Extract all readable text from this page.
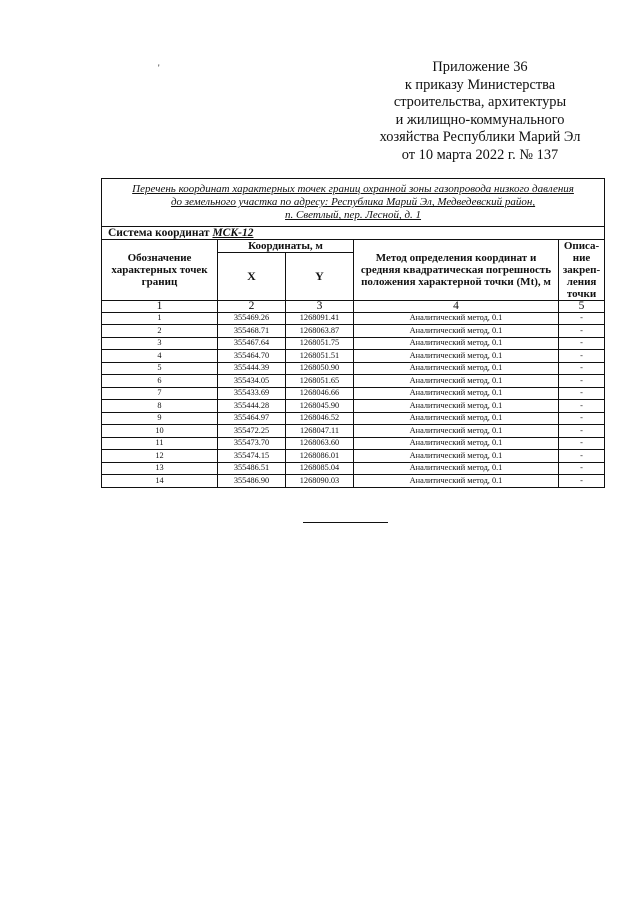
'	Приложение 36
к приказу Министерства
строительства, архитектуры
и жилищно-коммунального
хозяйства Республики Марий Эл
от 10 марта 2022 г. № 137
Перечень координат характерных точек границ охранной зоны газопровода низкого давления
до земельного участка по адресу: Республика Марий Эл, Медведевский район,
п. Светлый, пер. Лесной, д. 1				

Система координат МСК-12				
Обозначение характерных точек границ	Координаты, м		Метод определения координат и средняя квадратическая погрешность положения характерной точки (Mt), м	Описа-ние закреп-ления точки
	X	Y		
1	2	3	4	5
1	355469.26	1268091.41	Аналитический метод, 0.1	-
2	355468.71	1268063.87	Аналитический метод, 0.1	-
3	355467.64	1268051.75	Аналитический метод, 0.1	-
4	355464.70	1268051.51	Аналитический метод, 0.1	-
5	355444.39	1268050.90	Аналитический метод, 0.1	-
6	355434.05	1268051.65	Аналитический метод, 0.1	-
7	355433.69	1268046.66	Аналитический метод, 0.1	-
8	355444.28	1268045.90	Аналитический метод, 0.1	-
9	355464.97	1268046.52	Аналитический метод, 0.1	-
10	355472.25	1268047.11	Аналитический метод, 0.1	-
11	355473.70	1268063.60	Аналитический метод, 0.1	-
12	355474.15	1268086.01	Аналитический метод, 0.1	-
13	355486.51	1268085.04	Аналитический метод, 0.1	-
14	355486.90	1268090.03	Аналитический метод, 0.1	-
